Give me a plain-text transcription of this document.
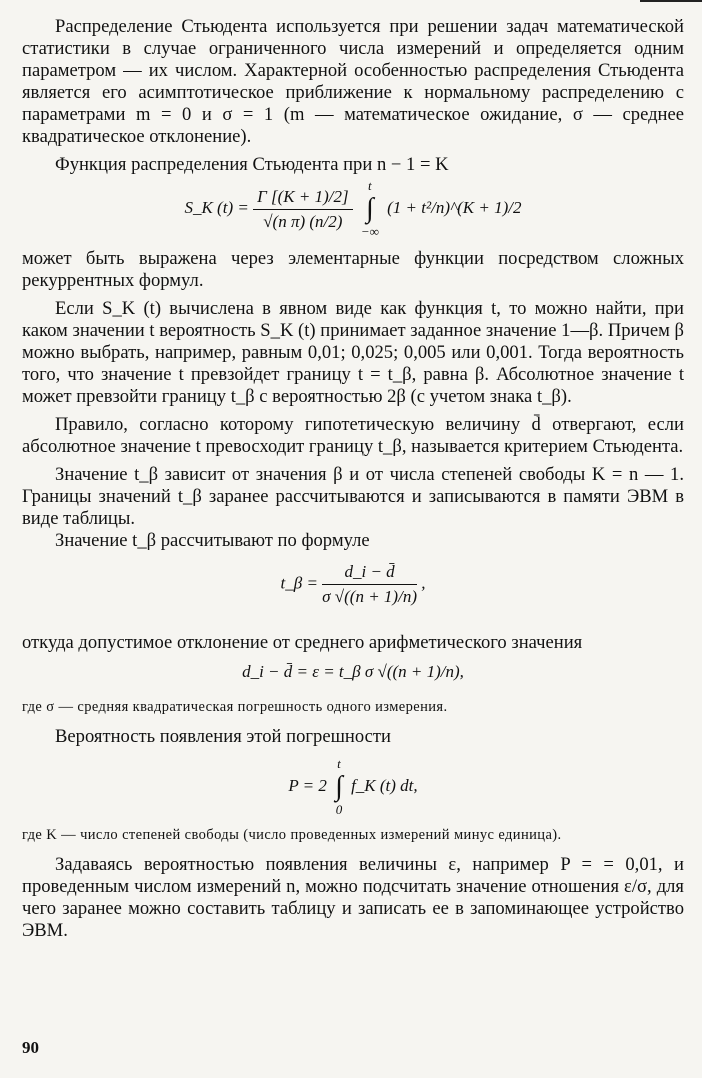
Распределение Стьюдента используется при решении задач математической статистики в случае ограниченного числа измерений и определяется одним параметром — их числом. Характерной особенностью распределения Стьюдента является его асимптотическое приближение к нормальному распределению с параметрами m = 0 и σ = 1 (m — математическое ожидание, σ — среднее квадратическое отклонение).

Функция распределения Стьюдента при n − 1 = K

S_K $(t) = \frac{\Gamma [(K + 1)/2]}{\text{√(n π) (n/2)}}$

t
∫
−∞
(1 + t²/n)^(K + 1)/2

может быть выражена через элементарные функции посредством сложных рекуррентных формул.

Если S_K (t) вычислена в явном виде как функция t, то можно найти, при каком значении t вероятность S_K (t) принимает заданное значение 1—β. Причем β можно выбрать, например, равным 0,01; 0,025; 0,005 или 0,001. Тогда вероятность того, что значение t превзойдет границу t = t_β, равна β. Абсолютное значение t может превзойти границу t_β с вероятностью 2β (с учетом знака t_β).

Правило, согласно которому гипотетическую величину d̄ отвергают, если абсолютное значение t превосходит границу t_β, называется критерием Стьюдента.

Значение t_β зависит от значения β и от числа степеней свободы K = n — 1. Границы значений t_β заранее рассчитываются и записываются в памяти ЭВМ в виде таблицы.

Значение t_β рассчитывают по формуле

t_β = $\frac{d\_i - d̄}{\sigma √((n + 1)/n)}$ ,

откуда допустимое отклонение от среднего арифметического значения

d_i − d̄ = ε = t_β σ √((n + 1)/n),

где σ — средняя квадратическая погрешность одного измерения.

Вероятность появления этой погрешности

P = 2
t
∫
0
f_K (t) dt,

где K — число степеней свободы (число проведенных измерений минус единица).

Задаваясь вероятностью появления величины ε, например P = = 0,01, и проведенным числом измерений n, можно подсчитать значение отношения ε/σ, для чего заранее можно составить таблицу и записать ее в запоминающее устройство ЭВМ.

90
